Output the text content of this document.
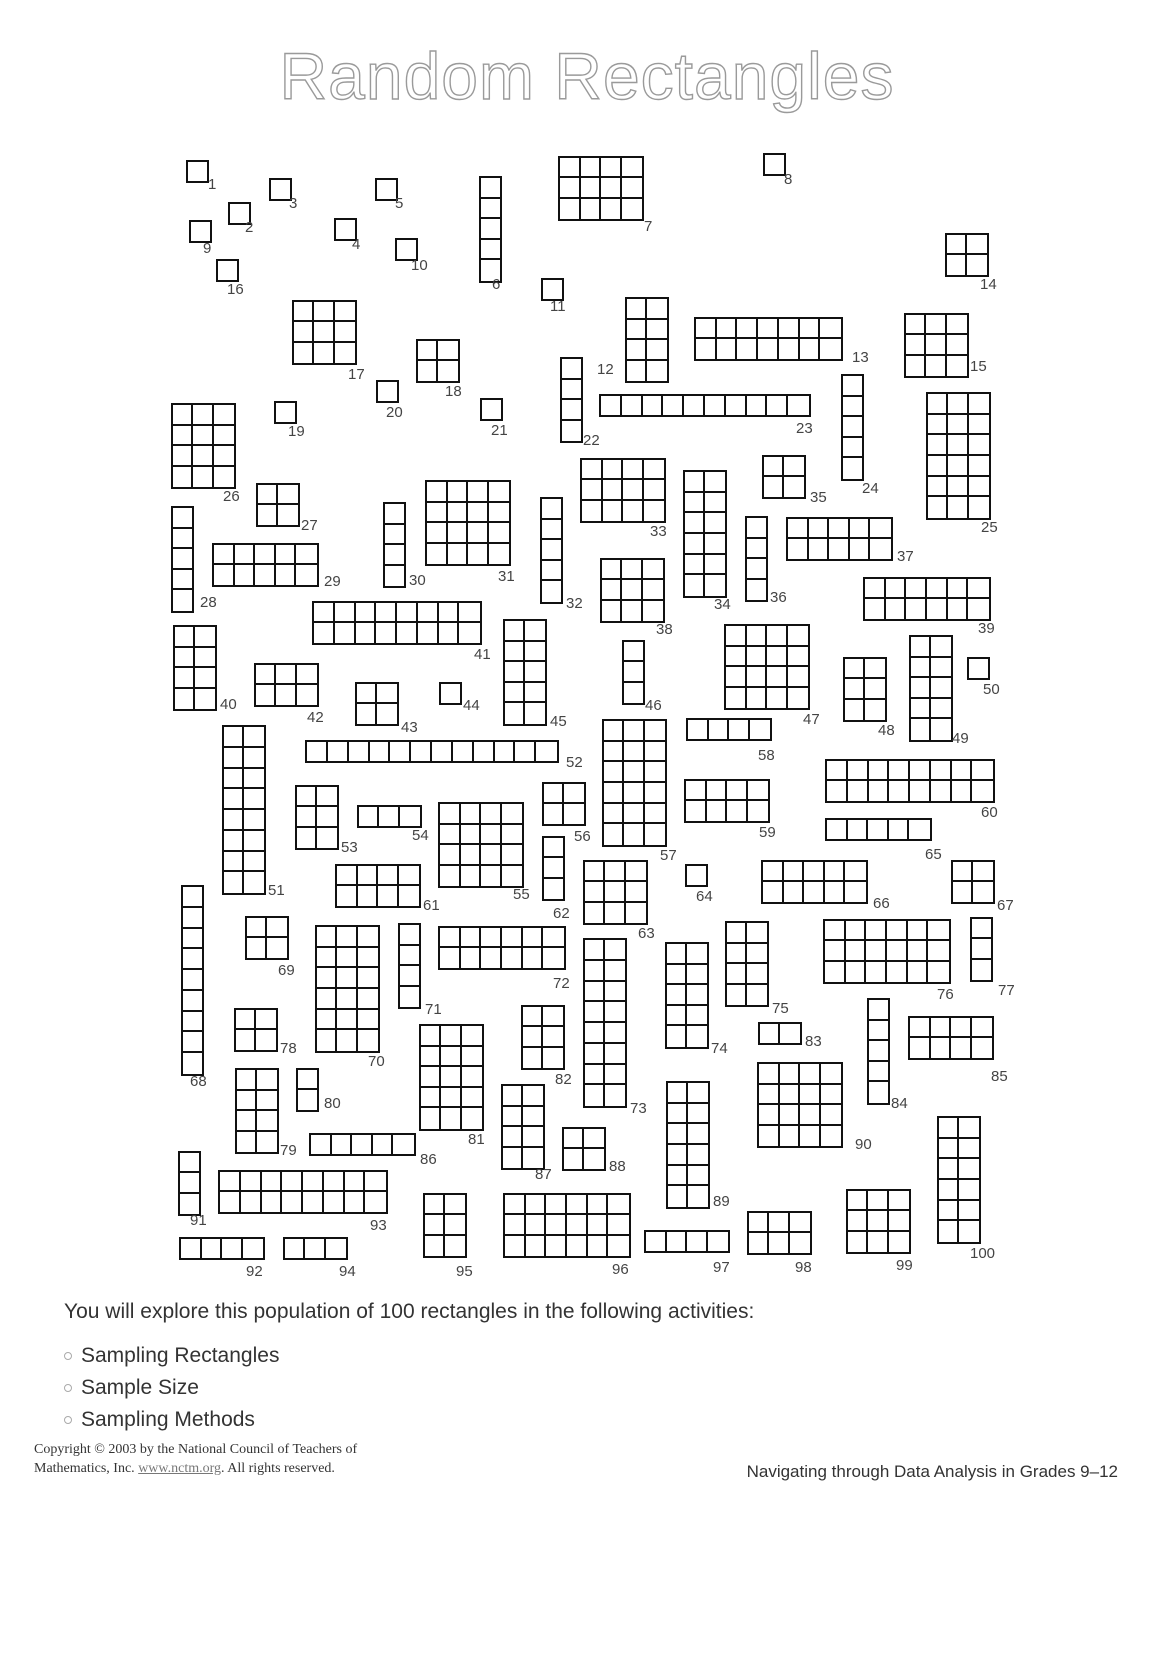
Random Rectangles
1
2
3
4
5
6
7
8
9
10
11
12
13
14
15
16
17
18
19
20
21
22
23
24
25
26
27
28
29	30	31
32
33
34
35
36
37
38	39
40
41
42
43
44
45
46
47
48	49
50
51
52
53
54
55
56
57
58
59
60
61	62
63
64
65
66	67
68
69
70
71
72
73
74
75
76	77
78
79
80
81
82
83
84
85
86
87	88
89
90
91
92
93
94	95	96	97	98	99
100
You will explore this population of 100 rectangles in the following activities:
Sampling Rectangles
Sample Size
Sampling Methods
Copyright © 2003 by the National Council of Teachers of
Mathematics, Inc. www.nctm.org. All rights reserved.	Navigating through Data Analysis in Grades 9–12
